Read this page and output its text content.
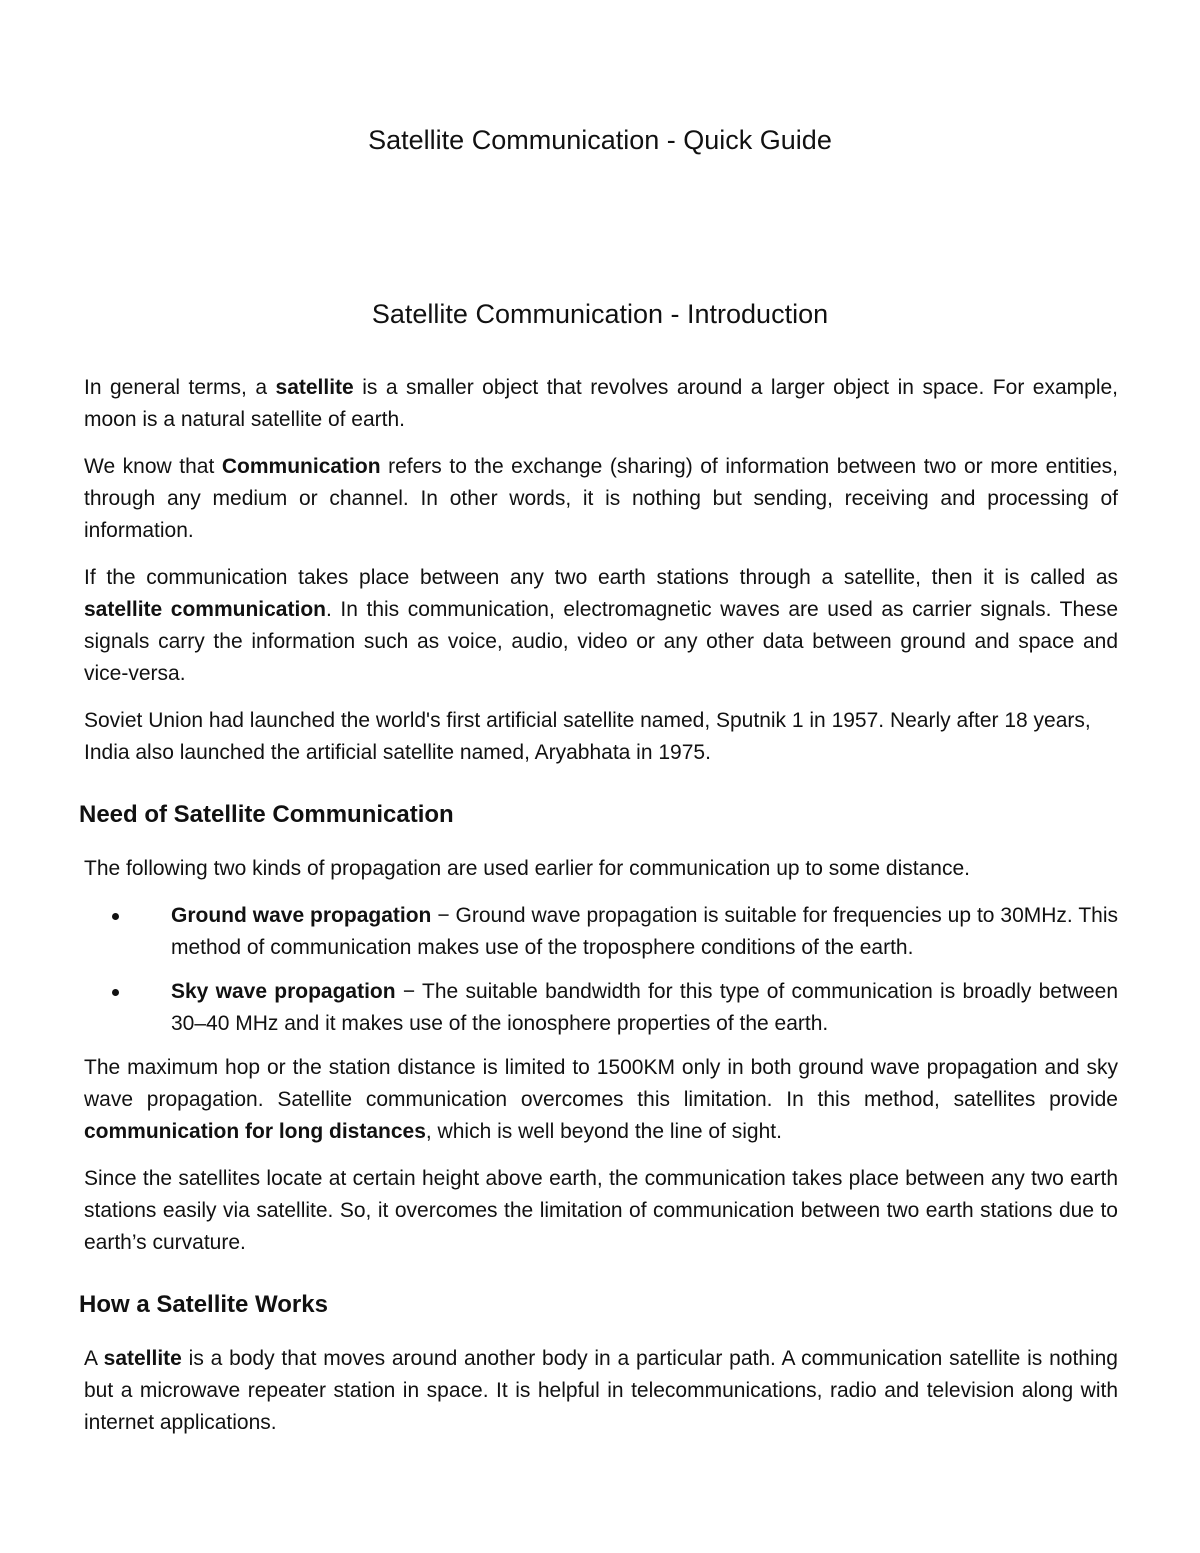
Satellite Communication - Quick Guide
Satellite Communication - Introduction

In general terms, a satellite is a smaller object that revolves around a larger object in space. For example, moon is a natural satellite of earth.

We know that Communication refers to the exchange (sharing) of information between two or more entities, through any medium or channel. In other words, it is nothing but sending, receiving and processing of information.

If the communication takes place between any two earth stations through a satellite, then it is called as satellite communication. In this communication, electromagnetic waves are used as carrier signals. These signals carry the information such as voice, audio, video or any other data between ground and space and vice-versa.

Soviet Union had launched the world's first artificial satellite named, Sputnik 1 in 1957. Nearly after 18 years, India also launched the artificial satellite named, Aryabhata in 1975.

Need of Satellite Communication

The following two kinds of propagation are used earlier for communication up to some distance.

Ground wave propagation − Ground wave propagation is suitable for frequencies up to 30MHz. This method of communication makes use of the troposphere conditions of the earth.
Sky wave propagation − The suitable bandwidth for this type of communication is broadly between 30–40 MHz and it makes use of the ionosphere properties of the earth.

The maximum hop or the station distance is limited to 1500KM only in both ground wave propagation and sky wave propagation. Satellite communication overcomes this limitation. In this method, satellites provide communication for long distances, which is well beyond the line of sight.

Since the satellites locate at certain height above earth, the communication takes place between any two earth stations easily via satellite. So, it overcomes the limitation of communication between two earth stations due to earth’s curvature.

How a Satellite Works

A satellite is a body that moves around another body in a particular path. A communication satellite is nothing but a microwave repeater station in space. It is helpful in telecommunications, radio and television along with internet applications.
